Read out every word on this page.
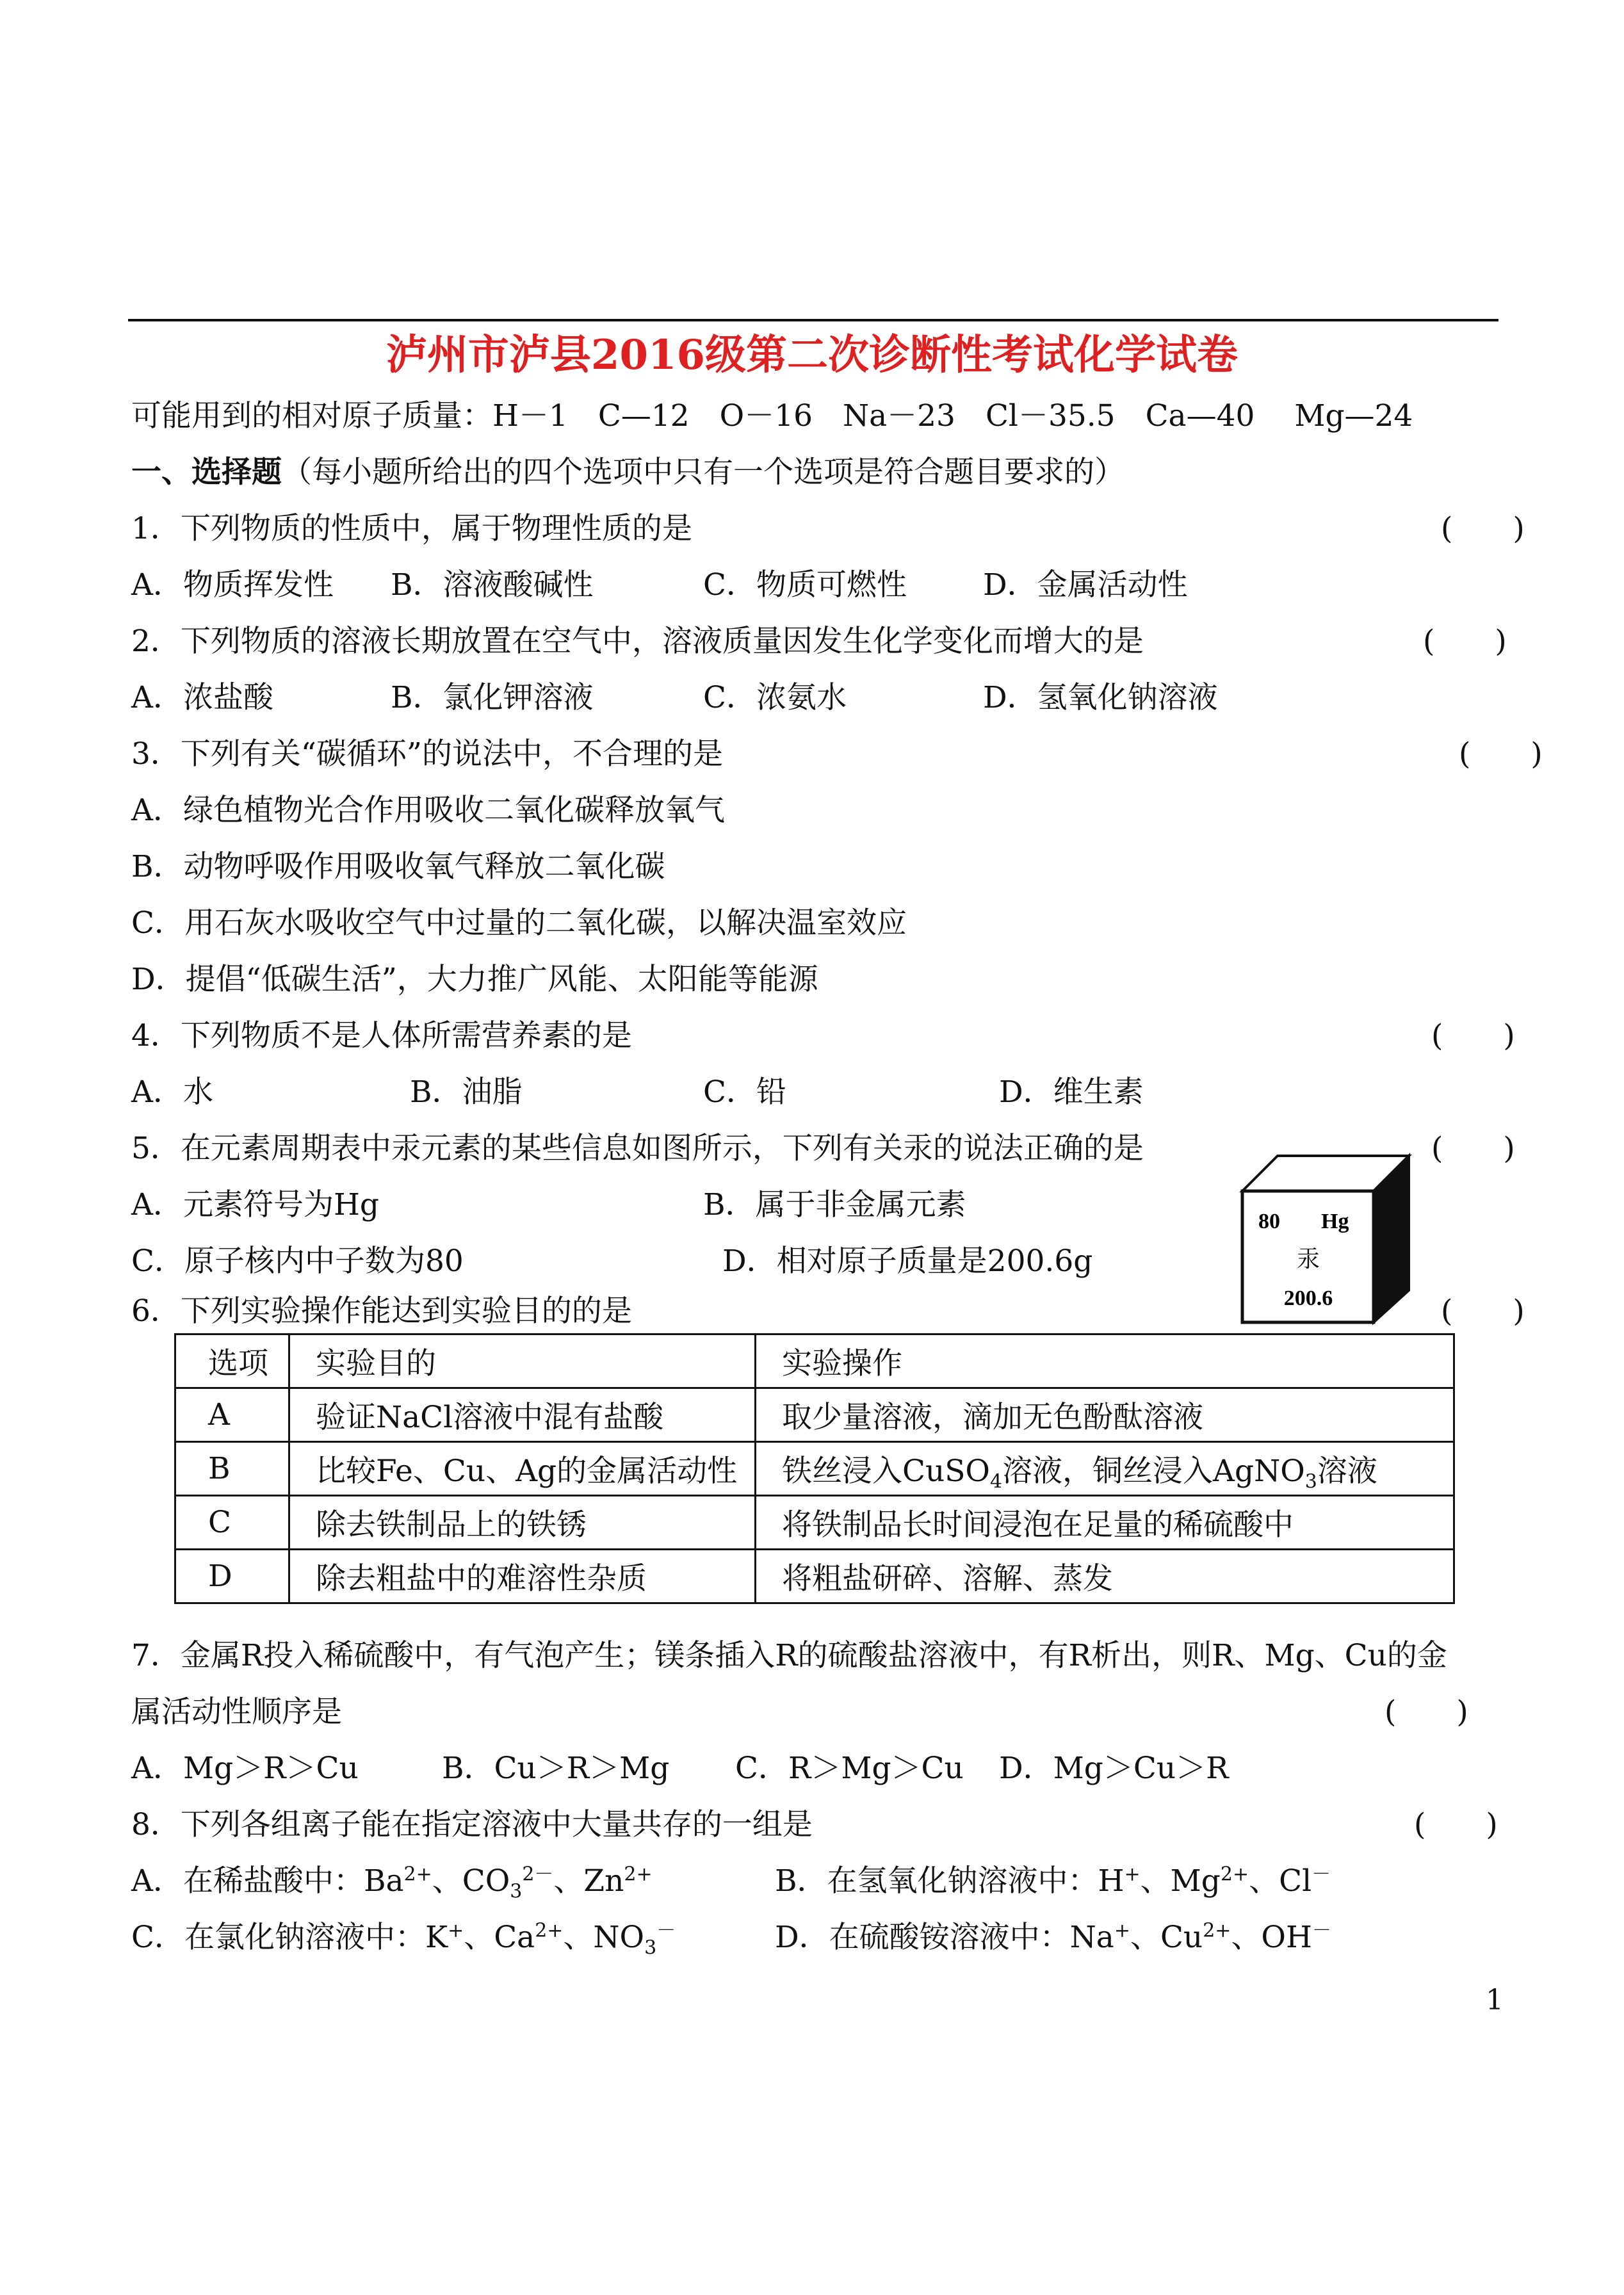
泸州市泸县2016级第二次诊断性考试化学试卷
可能用到的相对原子质量：H－1　C—12　O－16　Na－23　Cl－35.5　Ca—40　 Mg—24
一、选择题（每小题所给出的四个选项中只有一个选项是符合题目要求的）
1．下列物质的性质中，属于物理性质的是	(　　)
A．物质挥发性 B．溶液酸碱性	C．物质可燃性	D．金属活动性
2．下列物质的溶液长期放置在空气中，溶液质量因发生化学变化而增大的是	(　　)
A．浓盐酸	B．氯化钾溶液	C．浓氨水	D．氢氧化钠溶液
3．下列有关“碳循环”的说法中，不合理的是	(　　)
A．绿色植物光合作用吸收二氧化碳释放氧气
B．动物呼吸作用吸收氧气释放二氧化碳
C．用石灰水吸收空气中过量的二氧化碳，以解决温室效应
D．提倡“低碳生活”，大力推广风能、太阳能等能源
4．下列物质不是人体所需营养素的是	(　　)
A．水	B．油脂	C．铅	D．维生素
5．在元素周期表中汞元素的某些信息如图所示，下列有关汞的说法正确的是	(　　)
A．元素符号为Hg	B．属于非金属元素
C．原子核内中子数为80	D．相对原子质量是200.6g
80 Hg
汞
200.6
6．下列实验操作能达到实验目的的是	(　　)
选项	实验目的	实验操作
A	验证NaCl溶液中混有盐酸	取少量溶液，滴加无色酚酞溶液
B	比较Fe、Cu、Ag的金属活动性	铁丝浸入CuSO$_4$溶液，铜丝浸入AgNO$_3$溶液
C	除去铁制品上的铁锈	将铁制品长时间浸泡在足量的稀硫酸中
D	除去粗盐中的难溶性杂质	将粗盐研碎、溶解、蒸发
7．金属R投入稀硫酸中，有气泡产生；镁条插入R的硫酸盐溶液中，有R析出，则R、Mg、Cu的金
属活动性顺序是	(　　)
A．Mg＞R＞Cu	B．Cu＞R＞Mg C．R＞Mg＞Cu D．Mg＞Cu＞R
8．下列各组离子能在指定溶液中大量共存的一组是	(　　)
A．在稀盐酸中：$Ba^{2+}$、$CO_3^{2-}$、$Zn^{2+}$	B．在氢氧化钠溶液中：H+、$Mg^{2+}$、Cl－
C．在氯化钠溶液中：K+、$Ca^{2+}$、$NO_3^-$	D．在硫酸铵溶液中：Na+、$Cu^{2+}$、OH－
1
